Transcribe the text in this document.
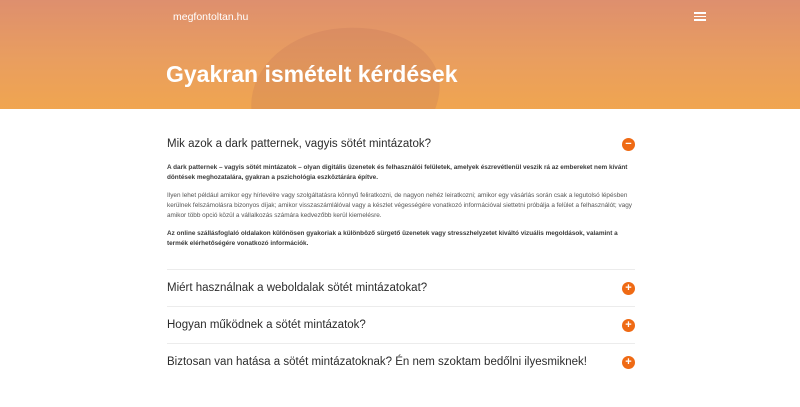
megfontoltan.hu
Gyakran ismételt kérdések
Mik azok a dark patternek, vagyis sötét mintázatok?	−

A dark patternek – vagyis sötét mintázatok – olyan digitális üzenetek és felhasználói felületek, amelyek észrevétlenül veszik rá az embereket nem kívánt döntések meghozatalára, gyakran a pszichológia eszköztárára építve.

Ilyen lehet például amikor egy hírlevélre vagy szolgáltatásra könnyű feliratkozni, de nagyon nehéz leiratkozni; amikor egy vásárlás során csak a legutolsó lépésben kerülnek felszámolásra bizonyos díjak; amikor visszaszámlálóval vagy a készlet végességére vonatkozó információval siettetni próbálja a felület a felhasználót; vagy amikor több opció közül a vállalkozás számára kedvezőbb kerül kiemelésre.

Az online szállásfoglaló oldalakon különösen gyakoriak a különböző sürgető üzenetek vagy stresszhelyzetet kiváltó vizuális megoldások, valamint a termék elérhetőségére vonatkozó információk.

Miért használnak a weboldalak sötét mintázatokat?	+
Hogyan működnek a sötét mintázatok?	+
Biztosan van hatása a sötét mintázatoknak? Én nem szoktam bedőlni ilyesmiknek!	+
